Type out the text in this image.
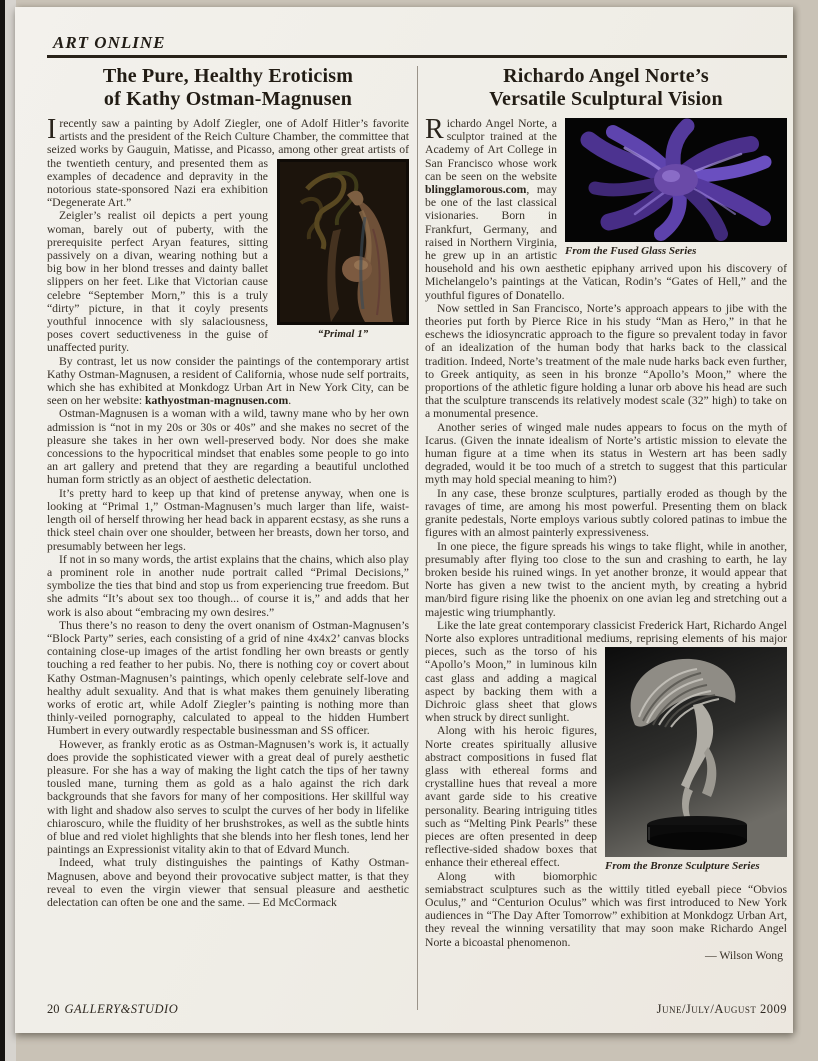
ART ONLINE
The Pure, Healthy Eroticism
of Kathy Ostman-Magnusen

Irecently saw a painting by Adolf Ziegler, one of Adolf Hitler’s favorite artists and the president of the Reich Culture Chamber, the committee that seized works by Gauguin, Matisse, and Picasso, among other great artists of the twentieth century, and presented
“Primal 1”
them as examples of decadence and depravity in the notorious state-sponsored Nazi era exhibition “Degenerate Art.”

Zeigler’s realist oil depicts a pert young woman, barely out of puberty, with the prerequisite perfect Aryan features, sitting passively on a divan, wearing nothing but a big bow in her blond tresses and dainty ballet slippers on her feet. Like that Victorian cause celebre “September Morn,” this is a truly “dirty” picture, in that it coyly presents youthful innocence with sly salaciousness, poses covert seductiveness in the guise of unaffected purity.

By contrast, let us now consider the paintings of the contemporary artist Kathy Ostman-Magnusen, a resident of California, whose nude self portraits, which she has exhibited at Monkdogz Urban Art in New York City, can be seen on her website: kathyostman-magnusen.com.

Ostman-Magnusen is a woman with a wild, tawny mane who by her own admission is “not in my 20s or 30s or 40s” and she makes no secret of the pleasure she takes in her own well-preserved body. Nor does she make concessions to the hypocritical mindset that enables some people to go into an art gallery and pretend that they are regarding a beautiful unclothed human form strictly as an object of aesthetic delectation.

It’s pretty hard to keep up that kind of pretense anyway, when one is looking at “Primal 1,” Ostman-Magnusen’s much larger than life, waist-length oil of herself throwing her head back in apparent ecstasy, as she runs a thick steel chain over one shoulder, between her breasts, down her torso, and presumably between her legs.

If not in so many words, the artist explains that the chains, which also play a prominent role in another nude portrait called “Primal Decisions,” symbolize the ties that bind and stop us from experiencing true freedom. But she admits “It’s about sex too though... of course it is,” and adds that her work is also about “embracing my own desires.”

Thus there’s no reason to deny the overt onanism of Ostman-Magnusen’s “Block Party” series, each consisting of a grid of nine 4x4x2’ canvas blocks containing close-up images of the artist fondling her own breasts or gently touching a red feather to her pubis. No, there is nothing coy or covert about Kathy Ostman-Magnusen’s paintings, which openly celebrate self-love and healthy adult sexuality. And that is what makes them genuinely liberating works of erotic art, while Adolf Ziegler’s painting is nothing more than thinly-veiled pornography, calculated to appeal to the hidden Humbert Humbert in every outwardly respectable businessman and SS officer.

However, as frankly erotic as as Ostman-Magnusen’s work is, it actually does provide the sophisticated viewer with a great deal of purely aesthetic pleasure. For she has a way of making the light catch the tips of her tawny tousled mane, turning them as gold as a halo against the rich dark backgrounds that she favors for many of her compositions. Her skillful way with light and shadow also serves to sculpt the curves of her body in lifelike chiaroscuro, while the fluidity of her brushstrokes, as well as the subtle hints of blue and red violet highlights that she blends into her flesh tones, lend her paintings an Expressionist vitality akin to that of Edvard Munch.

Indeed, what truly distinguishes the paintings of Kathy Ostman-Magnusen, above and beyond their provocative subject matter, is that they reveal to even the virgin viewer that sensual pleasure and aesthetic delectation can often be one and the same. — Ed McCormack

Richardo Angel Norte’s
Versatile Sculptural Vision

From the Fused Glass Series
R ichardo Angel Norte, a sculptor trained at the Academy of Art College in San Francisco whose work can be seen on the website blingglamorous.com, may be one of the last classical visionaries. Born in Frankfurt, Germany, and raised in Northern Virginia, he grew up in an artistic household and his own aesthetic epiphany arrived upon his discovery of Michelangelo’s paintings at the Vatican, Rodin’s “Gates of Hell,” and the youthful figures of Donatello.

Now settled in San Francisco, Norte’s approach appears to jibe with the theories put forth by Pierce Rice in his study “Man as Hero,” in that he eschews the idiosyncratic approach to the figure so prevalent today in favor of an idealization of the human body that harks back to the classical tradition. Indeed, Norte’s treatment of the male nude harks back even further, to Greek antiquity, as seen in his bronze “Apollo’s Moon,” where the proportions of the athletic figure holding a lunar orb above his head are such that the sculpture transcends its relatively modest scale (32” high) to take on a monumental presence.

Another series of winged male nudes appears to focus on the myth of Icarus. (Given the innate idealism of Norte’s artistic mission to elevate the human figure at a time when its status in Western art has been sadly degraded, would it be too much of a stretch to suggest that this particular myth may hold special meaning to him?)

In any case, these bronze sculptures, partially eroded as though by the ravages of time, are among his most powerful. Presenting them on black granite pedestals, Norte employs various subtly colored patinas to imbue the figures with an almost painterly expressiveness.

In one piece, the figure spreads his wings to take flight, while in another, presumably after flying too close to the sun and crashing to earth, he lay broken beside his ruined wings. In yet another bronze, it would appear that Norte has given a new twist to the ancient myth, by creating a hybrid man/bird figure rising like the phoenix on one avian leg and stretching out a majestic wing triumphantly.

Like the late great contemporary classicist Frederick Hart, Richardo Angel Norte also explores untraditional mediums, reprising elements
From the Bronze Sculpture Series
of his major pieces, such as the torso of his “Apollo’s Moon,” in luminous kiln cast glass and adding a magical aspect by backing them with a Dichroic glass sheet that glows when struck by direct sunlight.

Along with his heroic figures, Norte creates spiritually allusive abstract compositions in fused flat glass with ethereal forms and crystalline hues that reveal a more avant garde side to his creative personality. Bearing intriguing titles such as “Melting Pink Pearls” these pieces are often presented in deep reflective-sided shadow boxes that enhance their ethereal effect.

Along with biomorphic semiabstract sculptures such as the wittily titled eyeball piece “Obvios Oculus,” and “Centurion Oculus” which was first introduced to New York audiences in “The Day After Tomorrow” exhibition at Monkdogz Urban Art, they reveal the winning versatility that may soon make Richardo Angel Norte a bicoastal phenomenon.

— Wilson Wong

20 GALLERY&STUDIO	June/July/August 2009
